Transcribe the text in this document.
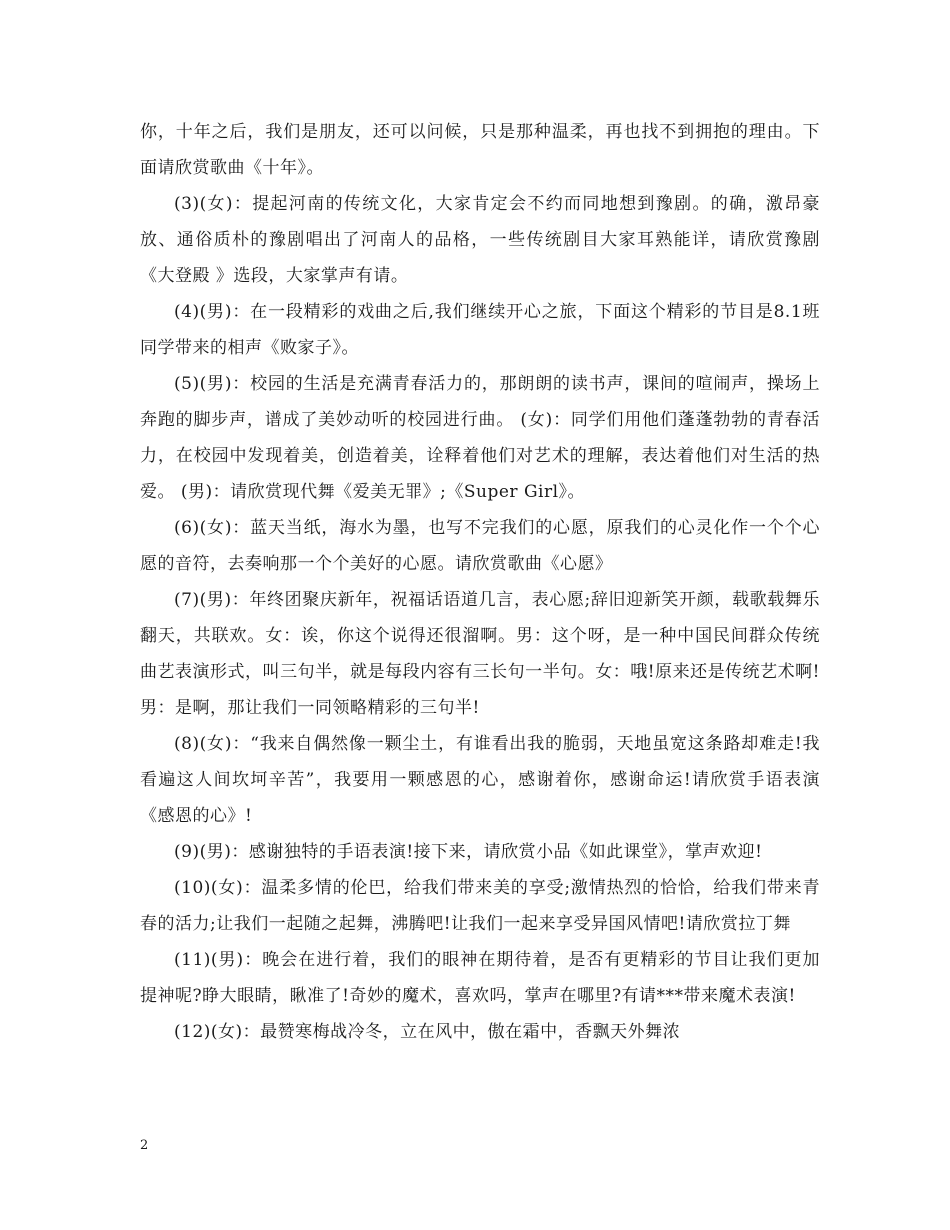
你，十年之后，我们是朋友，还可以问候，只是那种温柔，再也找不到拥抱的理由。下面请欣赏歌曲《十年》。

(3)(女)：提起河南的传统文化，大家肯定会不约而同地想到豫剧。的确，激昂豪放、通俗质朴的豫剧唱出了河南人的品格，一些传统剧目大家耳熟能详，请欣赏豫剧《大登殿 》选段，大家掌声有请。

(4)(男)：在一段精彩的戏曲之后,我们继续开心之旅，下面这个精彩的节目是8.1班同学带来的相声《败家子》。

(5)(男)：校园的生活是充满青春活力的，那朗朗的读书声，课间的喧闹声，操场上奔跑的脚步声，谱成了美妙动听的校园进行曲。 (女)：同学们用他们蓬蓬勃勃的青春活力，在校园中发现着美，创造着美，诠释着他们对艺术的理解，表达着他们对生活的热爱。 (男)：请欣赏现代舞《爱美无罪》;《Super Girl》。

(6)(女)：蓝天当纸，海水为墨，也写不完我们的心愿，原我们的心灵化作一个个心愿的音符，去奏响那一个个美好的心愿。请欣赏歌曲《心愿》

(7)(男)：年终团聚庆新年，祝福话语道几言，表心愿;辞旧迎新笑开颜，载歌载舞乐翻天，共联欢。女：诶，你这个说得还很溜啊。男：这个呀，是一种中国民间群众传统曲艺表演形式，叫三句半，就是每段内容有三长句一半句。女：哦!原来还是传统艺术啊!男：是啊，那让我们一同领略精彩的三句半!

(8)(女)：“我来自偶然像一颗尘土，有谁看出我的脆弱，天地虽宽这条路却难走!我看遍这人间坎坷辛苦”，我要用一颗感恩的心，感谢着你，感谢命运!请欣赏手语表演《感恩的心》!

(9)(男)：感谢独特的手语表演!接下来，请欣赏小品《如此课堂》，掌声欢迎!

(10)(女)：温柔多情的伦巴，给我们带来美的享受;激情热烈的恰恰，给我们带来青春的活力;让我们一起随之起舞，沸腾吧!让我们一起来享受异国风情吧!请欣赏拉丁舞

(11)(男)：晚会在进行着，我们的眼神在期待着，是否有更精彩的节目让我们更加提神呢?睁大眼睛，瞅准了!奇妙的魔术，喜欢吗，掌声在哪里?有请***带来魔术表演!

(12)(女)：最赞寒梅战冷冬，立在风中，傲在霜中，香飘天外舞浓

2
